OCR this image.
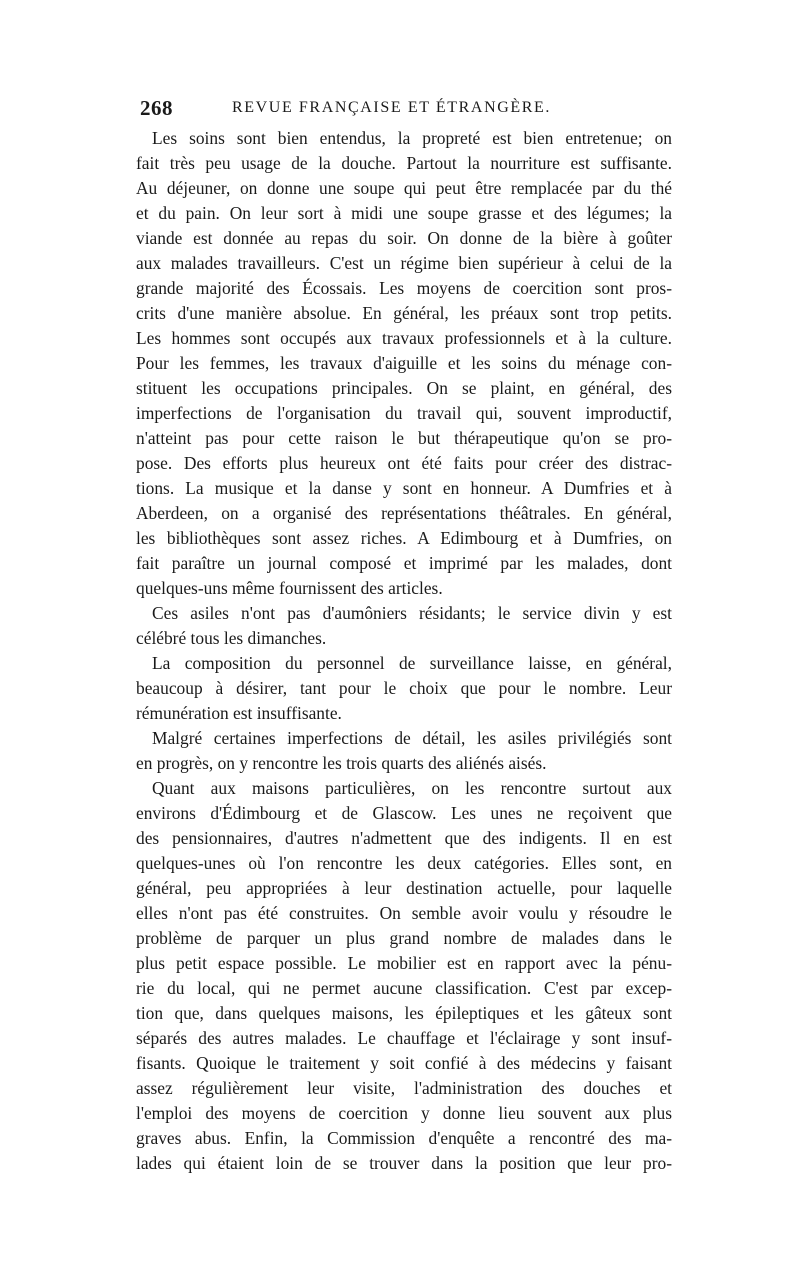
268	REVUE FRANÇAISE ET ÉTRANGÈRE.
Les soins sont bien entendus, la propreté est bien entretenue; on
fait très peu usage de la douche. Partout la nourriture est suffisante.
Au déjeuner, on donne une soupe qui peut être remplacée par du thé
et du pain. On leur sort à midi une soupe grasse et des légumes; la
viande est donnée au repas du soir. On donne de la bière à goûter
aux malades travailleurs. C'est un régime bien supérieur à celui de la
grande majorité des Écossais. Les moyens de coercition sont pros-
crits d'une manière absolue. En général, les préaux sont trop petits.
Les hommes sont occupés aux travaux professionnels et à la culture.
Pour les femmes, les travaux d'aiguille et les soins du ménage con-
stituent les occupations principales. On se plaint, en général, des
imperfections de l'organisation du travail qui, souvent improductif,
n'atteint pas pour cette raison le but thérapeutique qu'on se pro-
pose. Des efforts plus heureux ont été faits pour créer des distrac-
tions. La musique et la danse y sont en honneur. A Dumfries et à
Aberdeen, on a organisé des représentations théâtrales. En général,
les bibliothèques sont assez riches. A Edimbourg et à Dumfries, on
fait paraître un journal composé et imprimé par les malades, dont
quelques-uns même fournissent des articles.
Ces asiles n'ont pas d'aumôniers résidants; le service divin y est
célébré tous les dimanches.
La composition du personnel de surveillance laisse, en général,
beaucoup à désirer, tant pour le choix que pour le nombre. Leur
rémunération est insuffisante.
Malgré certaines imperfections de détail, les asiles privilégiés sont
en progrès, on y rencontre les trois quarts des aliénés aisés.
Quant aux maisons particulières, on les rencontre surtout aux
environs d'Édimbourg et de Glascow. Les unes ne reçoivent que
des pensionnaires, d'autres n'admettent que des indigents. Il en est
quelques-unes où l'on rencontre les deux catégories. Elles sont, en
général, peu appropriées à leur destination actuelle, pour laquelle
elles n'ont pas été construites. On semble avoir voulu y résoudre le
problème de parquer un plus grand nombre de malades dans le
plus petit espace possible. Le mobilier est en rapport avec la pénu-
rie du local, qui ne permet aucune classification. C'est par excep-
tion que, dans quelques maisons, les épileptiques et les gâteux sont
séparés des autres malades. Le chauffage et l'éclairage y sont insuf-
fisants. Quoique le traitement y soit confié à des médecins y faisant
assez régulièrement leur visite, l'administration des douches et
l'emploi des moyens de coercition y donne lieu souvent aux plus
graves abus. Enfin, la Commission d'enquête a rencontré des ma-
lades qui étaient loin de se trouver dans la position que leur pro-
